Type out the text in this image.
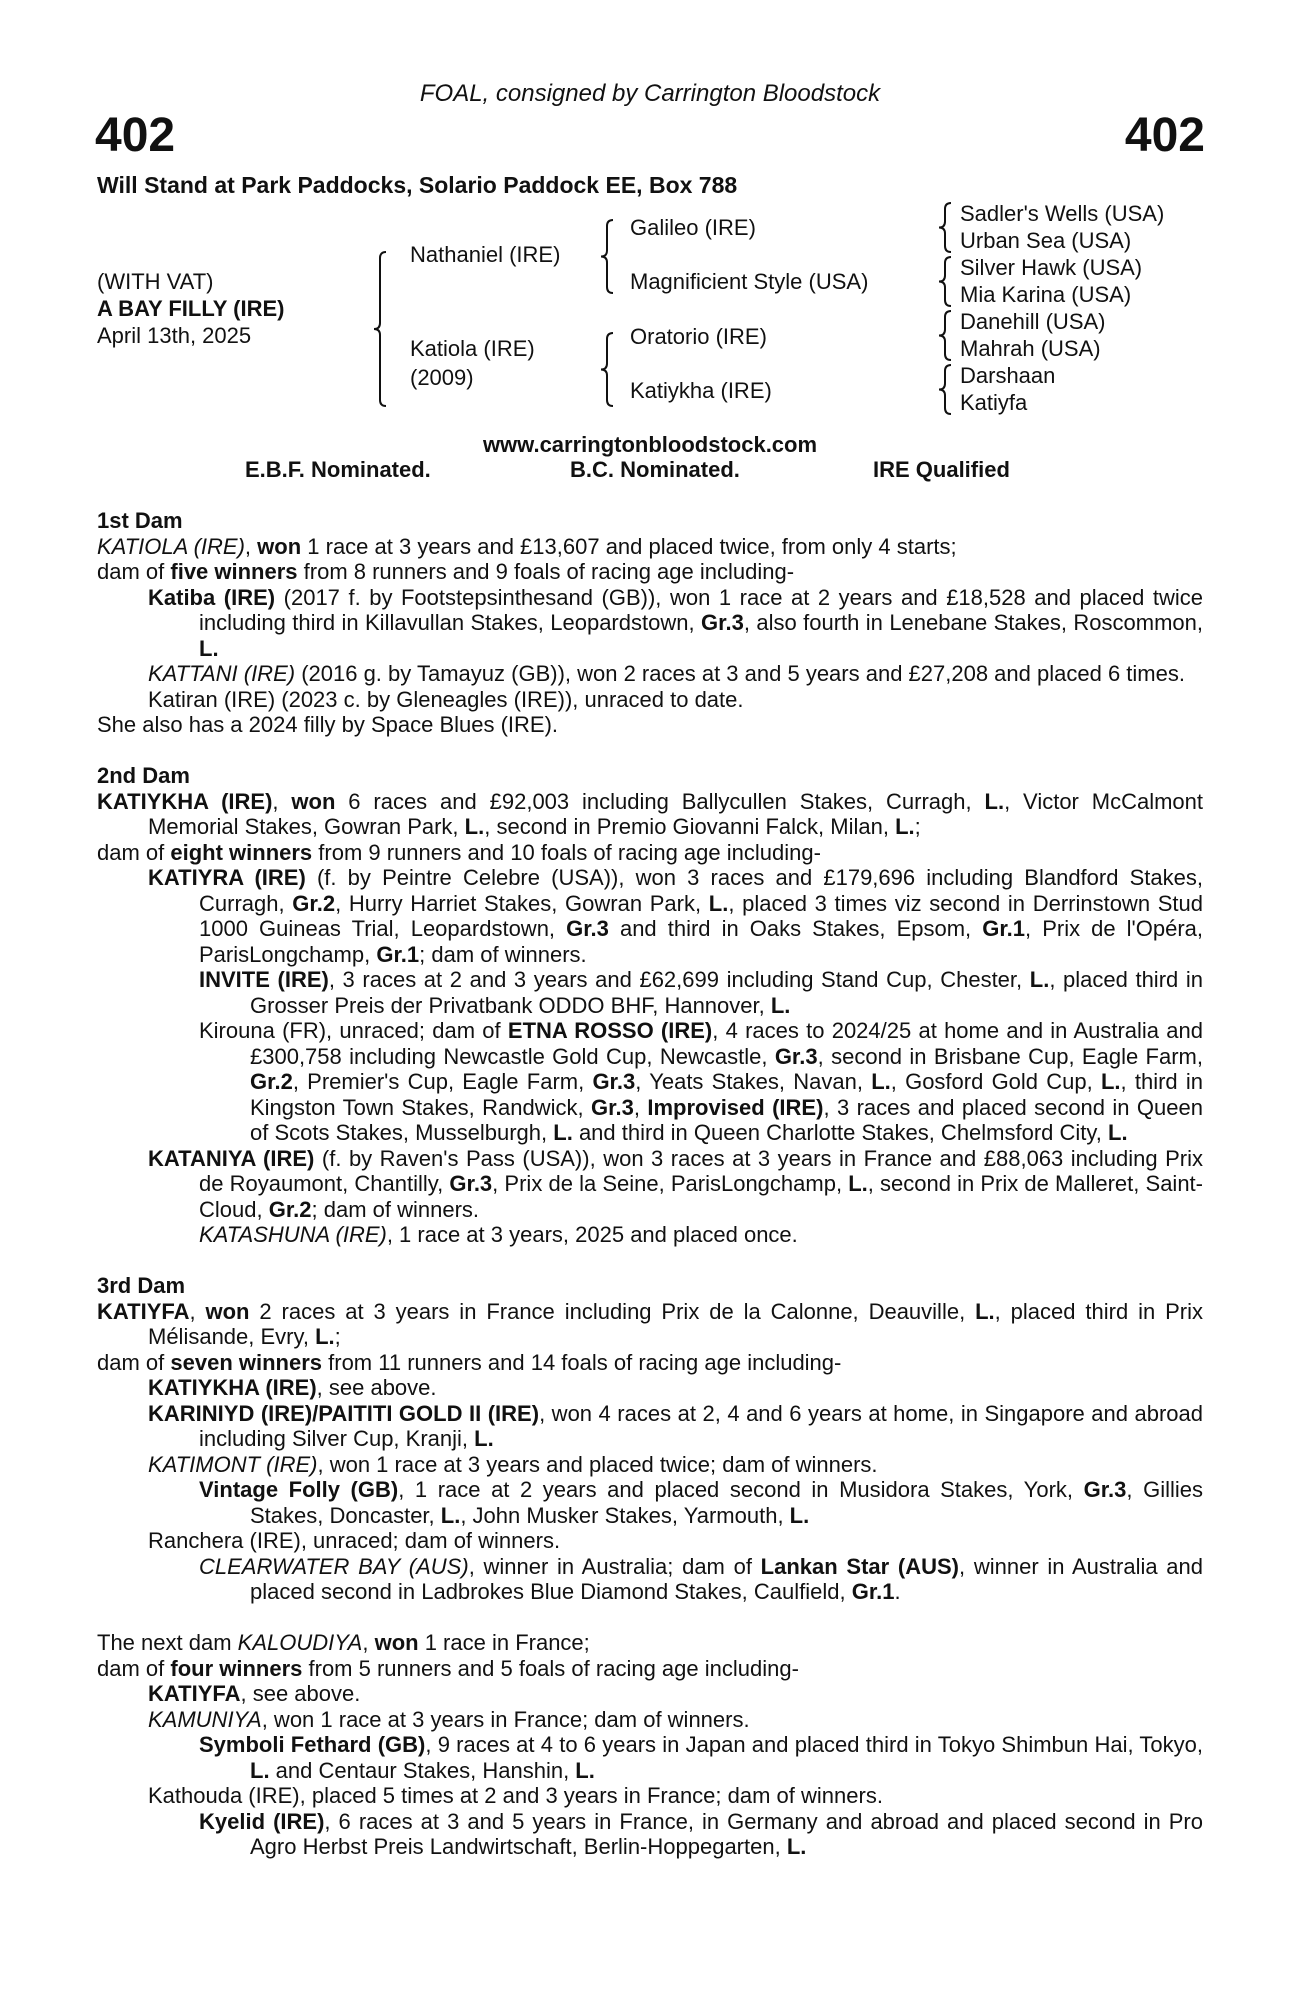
FOAL, consigned by Carrington Bloodstock
402	402
Will Stand at Park Paddocks, Solario Paddock EE, Box 788
(WITH VAT)
A BAY FILLY (IRE)
April 13th, 2025
Nathaniel (IRE)
Katiola (IRE)
(2009)
Galileo (IRE)
Magnificient Style (USA)
Oratorio (IRE)
Katiykha (IRE)
Sadler's Wells (USA)
Urban Sea (USA)
Silver Hawk (USA)
Mia Karina (USA)
Danehill (USA)
Mahrah (USA)
Darshaan
Katiyfa
www.carringtonbloodstock.com
E.B.F. Nominated.	B.C. Nominated.	IRE Qualified
1st Dam

KATIOLA (IRE), won 1 race at 3 years and £13,607 and placed twice, from only 4 starts;

dam of five winners from 8 runners and 9 foals of racing age including-

Katiba (IRE) (2017 f. by Footstepsinthesand (GB)), won 1 race at 2 years and £18,528 and placed twice including third in Killavullan Stakes, Leopardstown, Gr.3, also fourth in Lenebane Stakes, Roscommon, L.

KATTANI (IRE) (2016 g. by Tamayuz (GB)), won 2 races at 3 and 5 years and £27,208 and placed 6 times.

Katiran (IRE) (2023 c. by Gleneagles (IRE)), unraced to date.

She also has a 2024 filly by Space Blues (IRE).

2nd Dam

KATIYKHA (IRE), won 6 races and £92,003 including Ballycullen Stakes, Curragh, L., Victor McCalmont Memorial Stakes, Gowran Park, L., second in Premio Giovanni Falck, Milan, L.;

dam of eight winners from 9 runners and 10 foals of racing age including-

KATIYRA (IRE) (f. by Peintre Celebre (USA)), won 3 races and £179,696 including Blandford Stakes, Curragh, Gr.2, Hurry Harriet Stakes, Gowran Park, L., placed 3 times viz second in Derrinstown Stud 1000 Guineas Trial, Leopardstown, Gr.3 and third in Oaks Stakes, Epsom, Gr.1, Prix de l'Opéra, ParisLongchamp, Gr.1; dam of winners.

INVITE (IRE), 3 races at 2 and 3 years and £62,699 including Stand Cup, Chester, L., placed third in Grosser Preis der Privatbank ODDO BHF, Hannover, L.

Kirouna (FR), unraced; dam of ETNA ROSSO (IRE), 4 races to 2024/25 at home and in Australia and £300,758 including Newcastle Gold Cup, Newcastle, Gr.3, second in Brisbane Cup, Eagle Farm, Gr.2, Premier's Cup, Eagle Farm, Gr.3, Yeats Stakes, Navan, L., Gosford Gold Cup, L., third in Kingston Town Stakes, Randwick, Gr.3, Improvised (IRE), 3 races and placed second in Queen of Scots Stakes, Musselburgh, L. and third in Queen Charlotte Stakes, Chelmsford City, L.

KATANIYA (IRE) (f. by Raven's Pass (USA)), won 3 races at 3 years in France and £88,063 including Prix de Royaumont, Chantilly, Gr.3, Prix de la Seine, ParisLongchamp, L., second in Prix de Malleret, Saint-Cloud, Gr.2; dam of winners.

KATASHUNA (IRE), 1 race at 3 years, 2025 and placed once.

3rd Dam

KATIYFA, won 2 races at 3 years in France including Prix de la Calonne, Deauville, L., placed third in Prix Mélisande, Evry, L.;

dam of seven winners from 11 runners and 14 foals of racing age including-

KATIYKHA (IRE), see above.

KARINIYD (IRE)/PAITITI GOLD II (IRE), won 4 races at 2, 4 and 6 years at home, in Singapore and abroad including Silver Cup, Kranji, L.

KATIMONT (IRE), won 1 race at 3 years and placed twice; dam of winners.

Vintage Folly (GB), 1 race at 2 years and placed second in Musidora Stakes, York, Gr.3, Gillies Stakes, Doncaster, L., John Musker Stakes, Yarmouth, L.

Ranchera (IRE), unraced; dam of winners.

CLEARWATER BAY (AUS), winner in Australia; dam of Lankan Star (AUS), winner in Australia and placed second in Ladbrokes Blue Diamond Stakes, Caulfield, Gr.1.

The next dam KALOUDIYA, won 1 race in France;

dam of four winners from 5 runners and 5 foals of racing age including-

KATIYFA, see above.

KAMUNIYA, won 1 race at 3 years in France; dam of winners.

Symboli Fethard (GB), 9 races at 4 to 6 years in Japan and placed third in Tokyo Shimbun Hai, Tokyo, L. and Centaur Stakes, Hanshin, L.

Kathouda (IRE), placed 5 times at 2 and 3 years in France; dam of winners.

Kyelid (IRE), 6 races at 3 and 5 years in France, in Germany and abroad and placed second in Pro Agro Herbst Preis Landwirtschaft, Berlin-Hoppegarten, L.
